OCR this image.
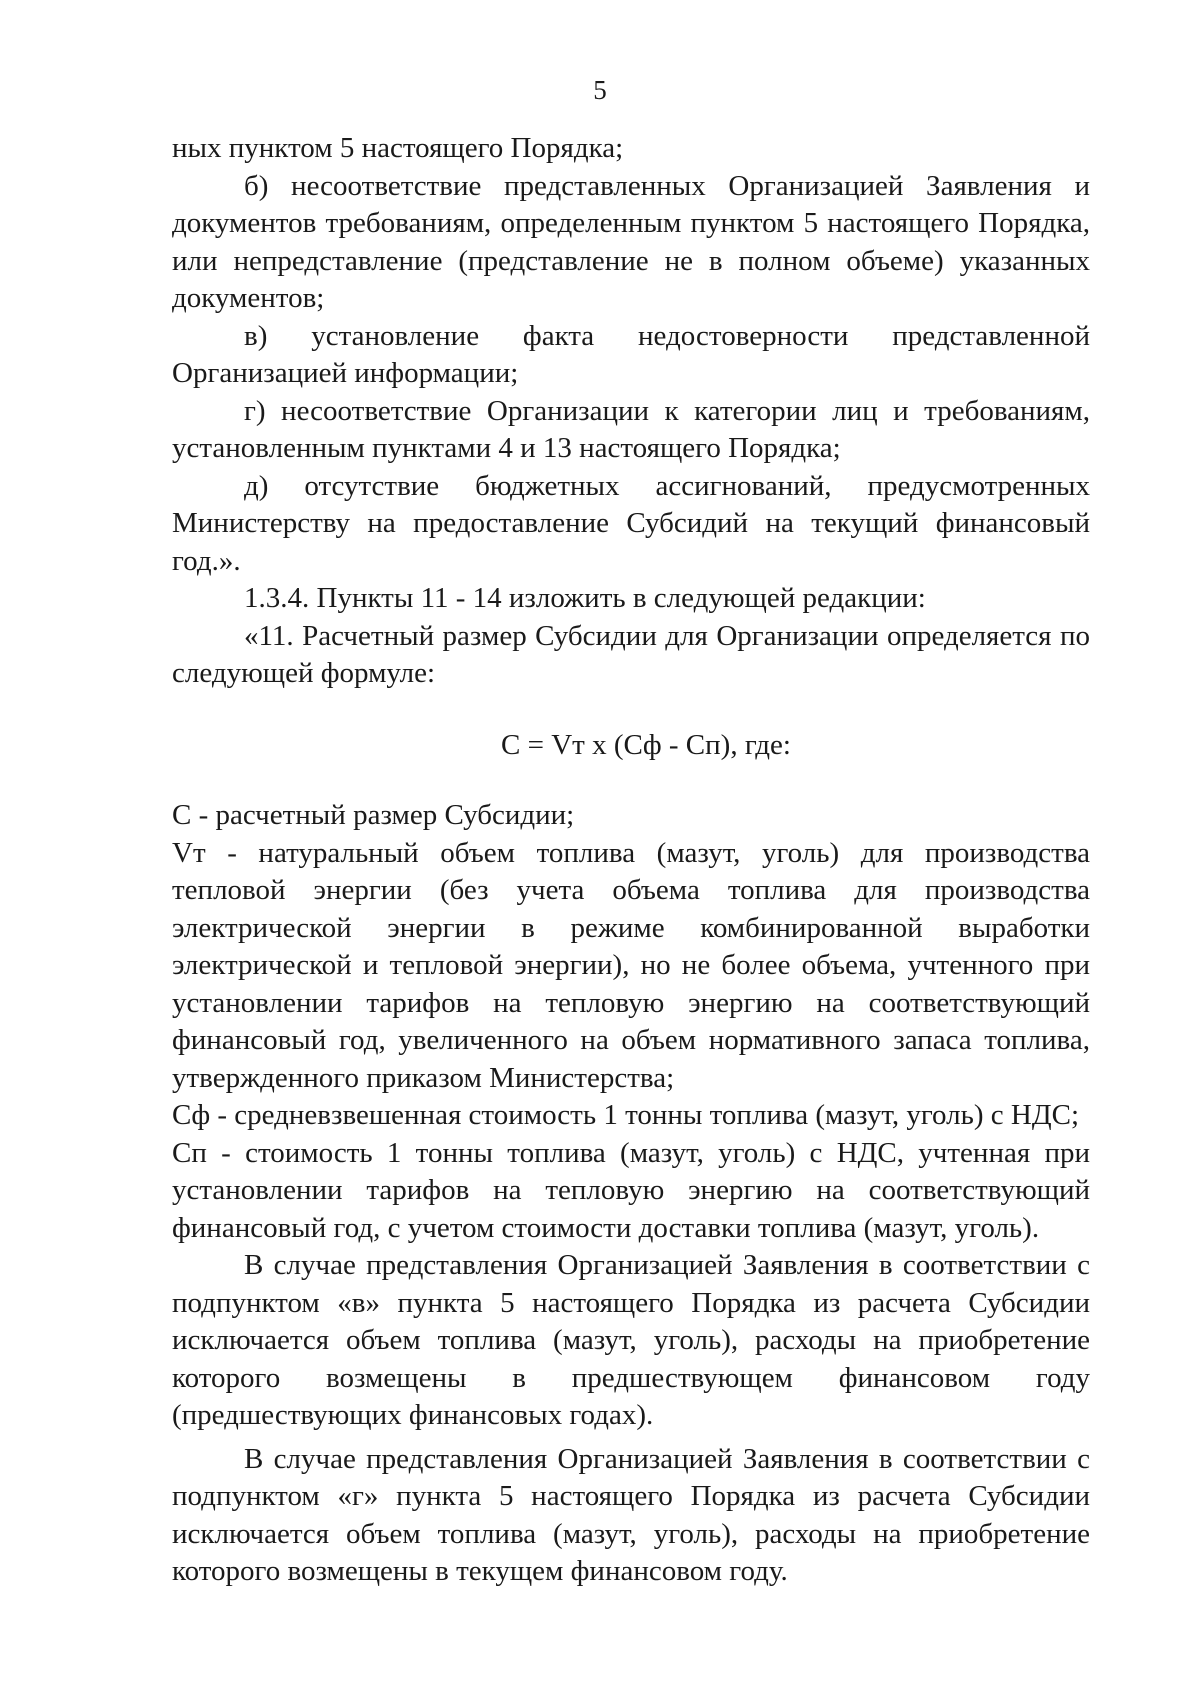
5

ных пунктом 5 настоящего Порядка;

б) несоответствие представленных Организацией Заявления и документов требованиям, определенным пунктом 5 настоящего Порядка, или непредставление (представление не в полном объеме) указанных документов;

в) установление факта недостоверности представленной Организацией информации;

г) несоответствие Организации к категории лиц и требованиям, установленным пунктами 4 и 13 настоящего Порядка;

д) отсутствие бюджетных ассигнований, предусмотренных Министерству на предоставление Субсидий на текущий финансовый год.».

1.3.4. Пункты 11 - 14 изложить в следующей редакции:

«11. Расчетный размер Субсидии для Организации определяется по следующей формуле:

С = Vт x (Сф - Сп), где:

С - расчетный размер Субсидии;

Vт - натуральный объем топлива (мазут, уголь) для производства тепловой энергии (без учета объема топлива для производства электрической энергии в режиме комбинированной выработки электрической и тепловой энергии), но не более объема, учтенного при установлении тарифов на тепловую энергию на соответствующий финансовый год, увеличенного на объем нормативного запаса топлива, утвержденного приказом Министерства;

Сф - средневзвешенная стоимость 1 тонны топлива (мазут, уголь) с НДС;

Сп - стоимость 1 тонны топлива (мазут, уголь) с НДС, учтенная при установлении тарифов на тепловую энергию на соответствующий финансовый год, с учетом стоимости доставки топлива (мазут, уголь).

В случае представления Организацией Заявления в соответствии с подпунктом «в» пункта 5 настоящего Порядка из расчета Субсидии исключается объем топлива (мазут, уголь), расходы на приобретение которого возмещены в предшествующем финансовом году (предшествующих финансовых годах).

В случае представления Организацией Заявления в соответствии с подпунктом «г» пункта 5 настоящего Порядка из расчета Субсидии исключается объем топлива (мазут, уголь), расходы на приобретение которого возмещены в текущем финансовом году.
